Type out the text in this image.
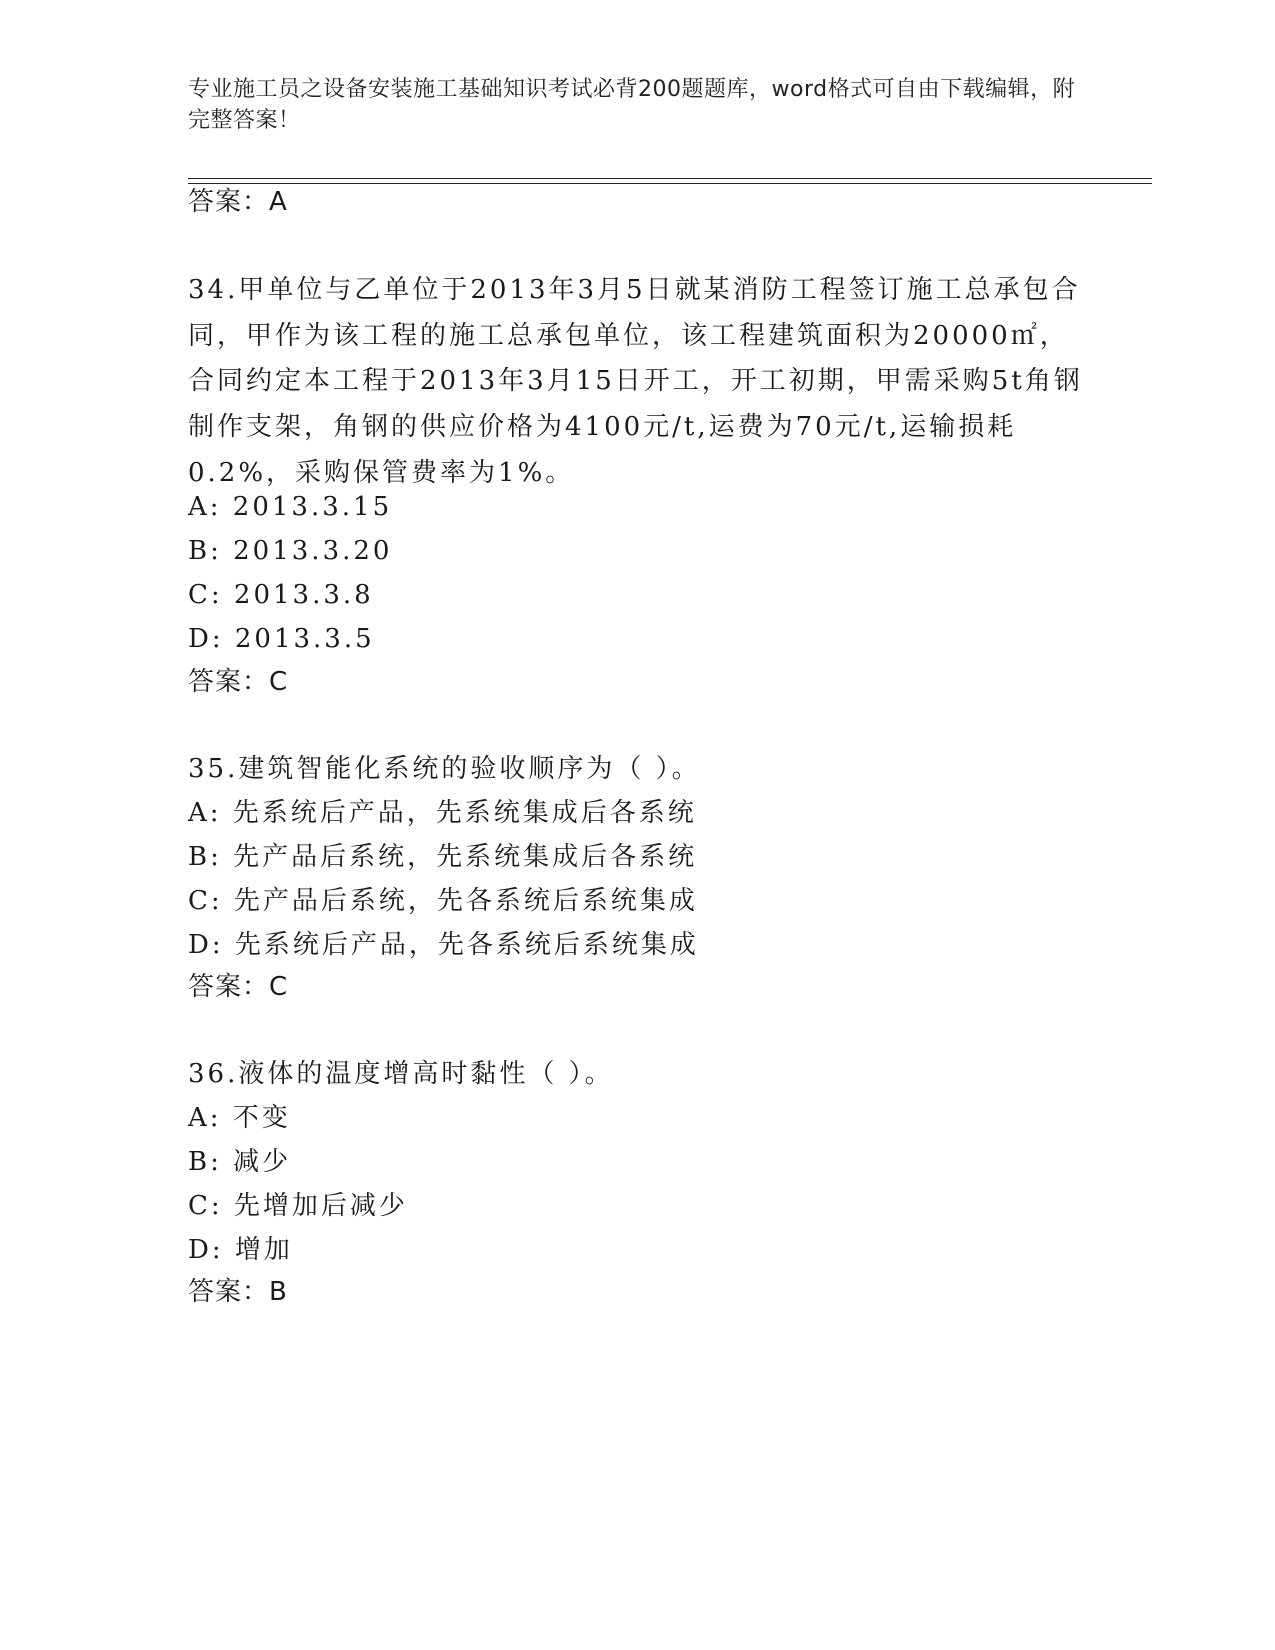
专业施工员之设备安装施工基础知识考试必背200题题库，word格式可自由下载编辑，附完整答案！
答案：A
34.甲单位与乙单位于2013年3月5日就某消防工程签订施工总承包合同，甲作为该工程的施工总承包单位，该工程建筑面积为20000㎡，合同约定本工程于2013年3月15日开工，开工初期，甲需采购5t角钢制作支架，角钢的供应价格为4100元/t,运费为70元/t,运输损耗0.2%，采购保管费率为1%。
A: 2013.3.15
B: 2013.3.20
C: 2013.3.8
D: 2013.3.5
答案：C
35.建筑智能化系统的验收顺序为（ ）。
A: 先系统后产品，先系统集成后各系统
B: 先产品后系统，先系统集成后各系统
C: 先产品后系统，先各系统后系统集成
D: 先系统后产品，先各系统后系统集成
答案：C
36.液体的温度增高时黏性（ ）。
A: 不变
B: 减少
C: 先增加后减少
D: 增加
答案：B
